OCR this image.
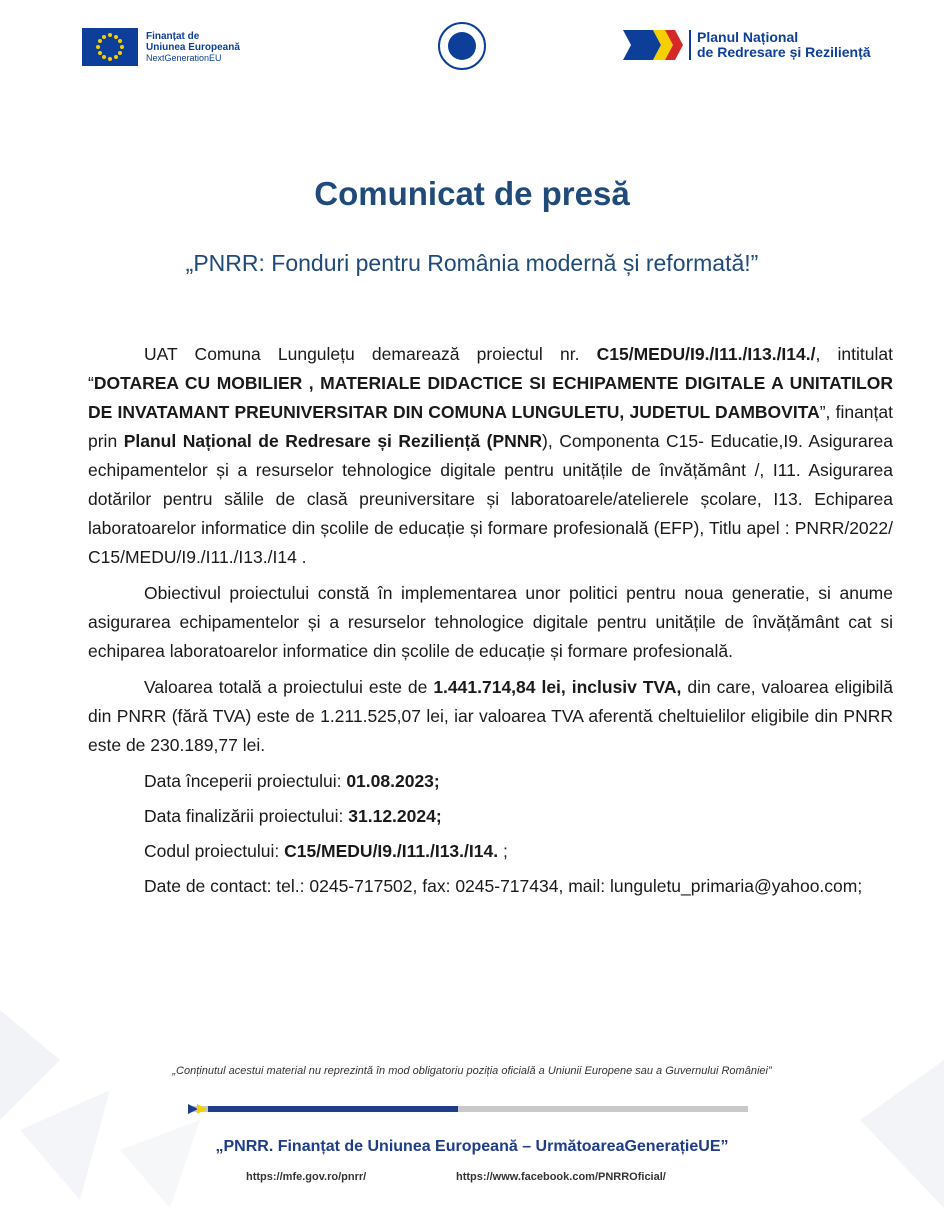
Finanțat de
Uniunea Europeană
NextGenerationEU
Planul Național
de Redresare și Reziliență
Comunicat de presă
„PNRR: Fonduri pentru România modernă și reformată!”

UAT Comuna Lungulețu demarează proiectul nr. C15/MEDU/I9./I11./I13./I14./, intitulat “DOTAREA CU MOBILIER , MATERIALE DIDACTICE SI ECHIPAMENTE DIGITALE A UNITATILOR DE INVATAMANT PREUNIVERSITAR DIN COMUNA LUNGULETU, JUDETUL DAMBOVITA”, finanțat prin Planul Național de Redresare și Reziliență (PNNR), Componenta C15- Educatie,I9. Asigurarea echipamentelor și a resurselor tehnologice digitale pentru unitățile de învățământ /, I11. Asigurarea dotărilor pentru sălile de clasă preuniversitare și laboratoarele/atelierele școlare, I13. Echiparea laboratoarelor informatice din școlile de educație și formare profesională (EFP), Titlu apel : PNRR/2022/ C15/MEDU/I9./I11./I13./I14 .

Obiectivul proiectului constă în implementarea unor politici pentru noua generatie, si anume asigurarea echipamentelor și a resurselor tehnologice digitale pentru unitățile de învățământ cat si echiparea laboratoarelor informatice din școlile de educație și formare profesională.

Valoarea totală a proiectului este de 1.441.714,84 lei, inclusiv TVA, din care, valoarea eligibilă din PNRR (fără TVA) este de 1.211.525,07 lei, iar valoarea TVA aferentă cheltuielilor eligibile din PNRR este de 230.189,77 lei.

Data începerii proiectului: 01.08.2023;

Data finalizării proiectului: 31.12.2024;

Codul proiectului: C15/MEDU/I9./I11./I13./I14. ;

Date de contact: tel.: 0245-717502, fax: 0245-717434, mail: lunguletu_primaria@yahoo.com;

„Conținutul acestui material nu reprezintă în mod obligatoriu poziția oficială a Uniunii Europene sau a Guvernului României”
„PNRR. Finanțat de Uniunea Europeană – UrmătoareaGenerațieUE”
https://mfe.gov.ro/pnrr/	https://www.facebook.com/PNRROficial/
